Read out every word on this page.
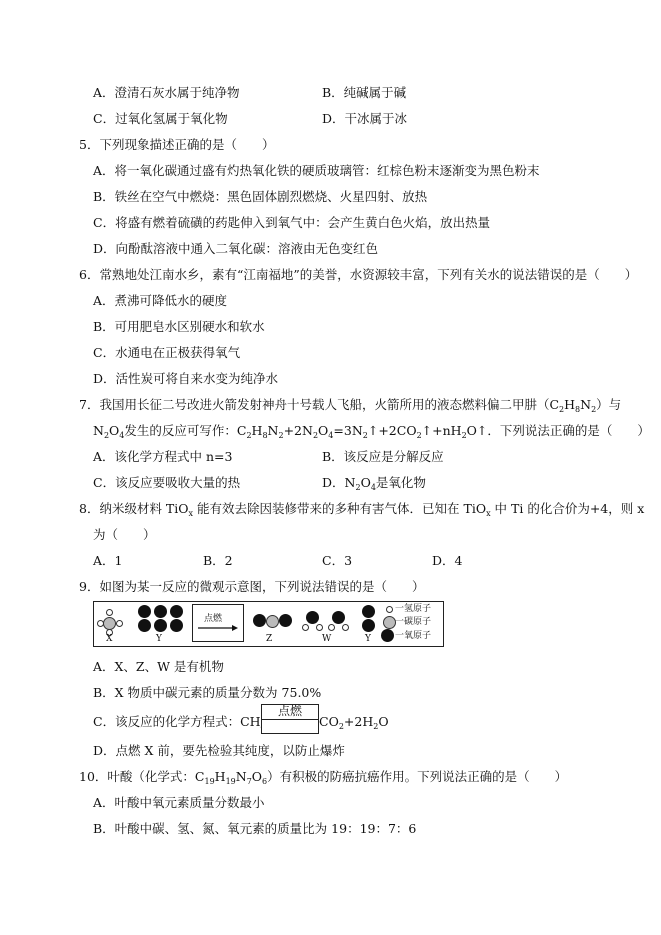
A．澄清石灰水属于纯净物	B．纯碱属于碱
C．过氧化氢属于氧化物	D．干冰属于冰
5．下列现象描述正确的是（　　）
A．将一氧化碳通过盛有灼热氧化铁的硬质玻璃管：红棕色粉末逐渐变为黑色粉末
B．铁丝在空气中燃烧：黑色固体剧烈燃烧、火星四射、放热
C．将盛有燃着硫磺的药匙伸入到氧气中：会产生黄白色火焰，放出热量
D．向酚酞溶液中通入二氧化碳：溶液由无色变红色
6．常熟地处江南水乡，素有“江南福地”的美誉，水资源较丰富，下列有关水的说法错误的是（　　）
A．煮沸可降低水的硬度
B．可用肥皂水区别硬水和软水
C．水通电在正极获得氧气
D．活性炭可将自来水变为纯净水
7．我国用长征二号改进火箭发射神舟十号载人飞船，火箭所用的液态燃料偏二甲肼$(C_2H_8N_2)$与
$N_2O_4$发生的反应可写作：$C_2H_8N_2+2N_2O_4=3N_2↑+2CO_2↑+nH_2O↑$．下列说法正确的是（　　）
A．该化学方程式中 n=3	B．该反应是分解反应
C．该反应要吸收大量的热	D．$N_2O_4$是氧化物
8．纳米级材料 TiO$_x$ 能有效去除因装修带来的多种有害气体．已知在 TiO$_x$ 中 Ti 的化合价为+4，则 x
为（　　）
A．1	B．2	C．3	D．4
9．如图为某一反应的微观示意图，下列说法错误的是（　　）
X	Y
点燃
Z	W	Y
一氢原子
一碳原子
一氧原子
A．X、Z、W 是有机物
B．X 物质中碳元素的质量分数为 75.0%
C．该反应的化学方程式：CH
点燃
$CO_2+2H_2O$
D．点燃 X 前，要先检验其纯度，以防止爆炸
10．叶酸（化学式：$C_{19}H_{19}N_7O_6$）有积极的防癌抗癌作用。下列说法正确的是（　　）
A．叶酸中氧元素质量分数最小
B．叶酸中碳、氢、氮、氧元素的质量比为 19：19：7：6
